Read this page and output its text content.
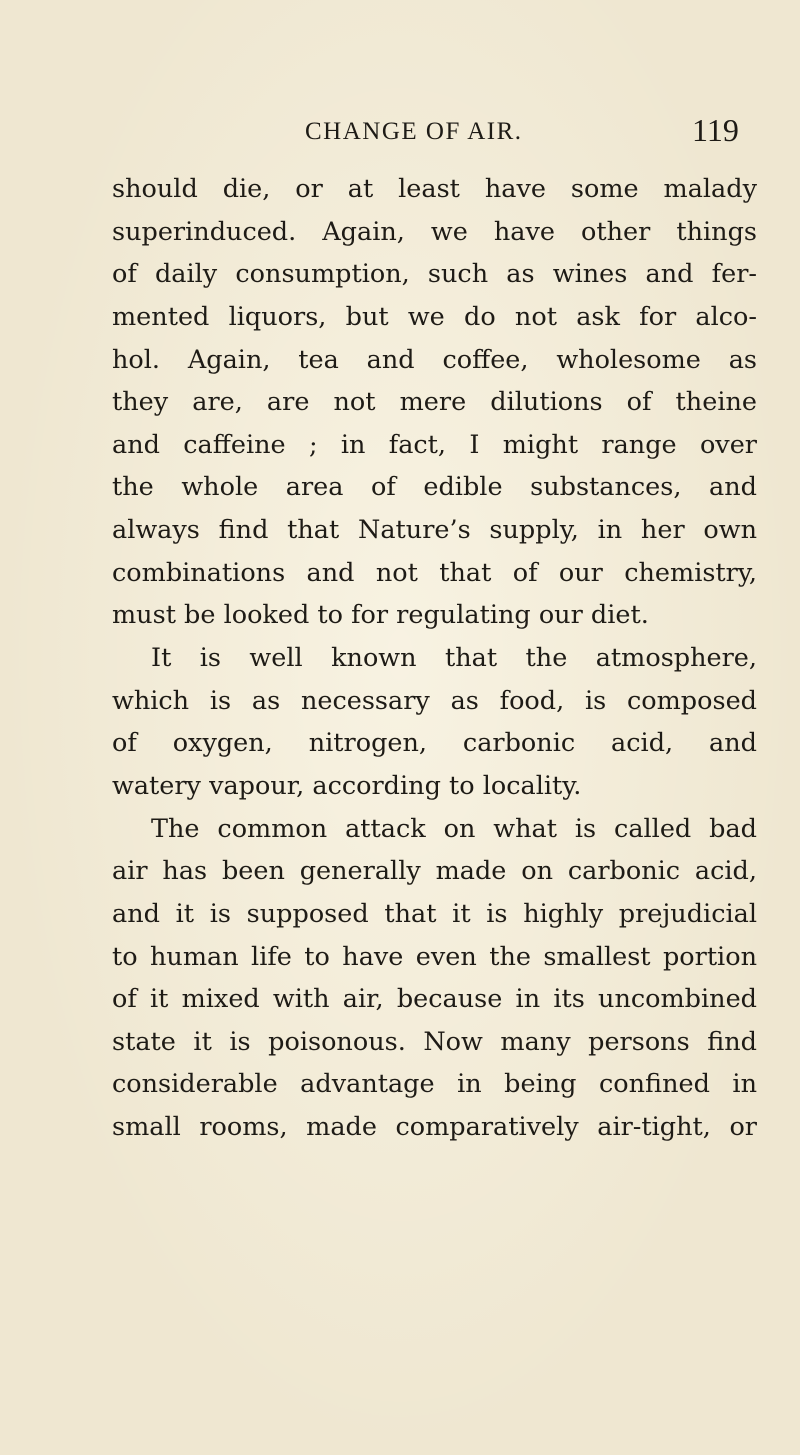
CHANGE OF AIR.	119
should die, or at least have some malady
superinduced. Again, we have other things
of daily consumption, such as wines and fer-
mented liquors, but we do not ask for alco-
hol. Again, tea and coffee, wholesome as
they are, are not mere dilutions of theine
and caffeine ; in fact, I might range over
the whole area of edible substances, and
always find that Nature’s supply, in her own
combinations and not that of our chemistry,
must be looked to for regulating our diet.
It is well known that the atmosphere,
which is as necessary as food, is composed
of oxygen, nitrogen, carbonic acid, and
watery vapour, according to locality.
The common attack on what is called bad
air has been generally made on carbonic acid,
and it is supposed that it is highly prejudicial
to human life to have even the smallest portion
of it mixed with air, because in its uncombined
state it is poisonous. Now many persons find
considerable advantage in being confined in
small rooms, made comparatively air-tight, or
